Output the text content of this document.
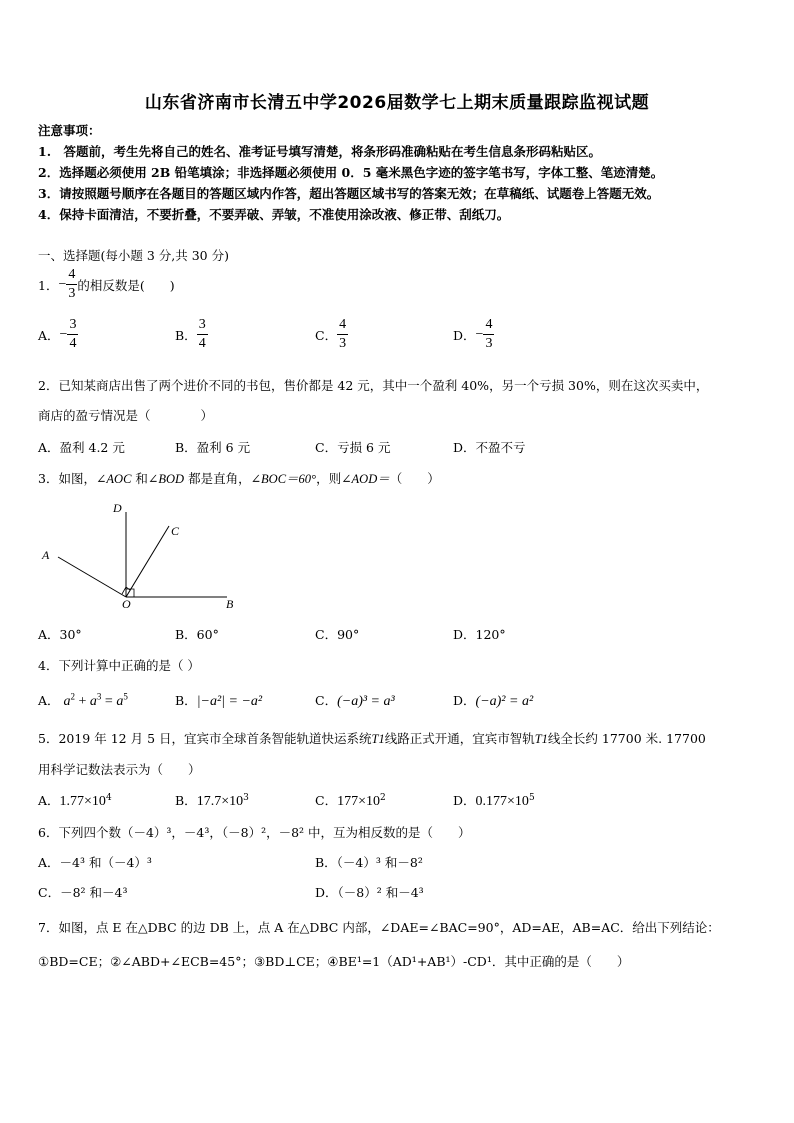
山东省济南市长清五中学2026届数学七上期末质量跟踪监视试题
注意事项：
1.　答题前，考生先将自己的姓名、准考证号填写清楚，将条形码准确粘贴在考生信息条形码粘贴区。
2．选择题必须使用 2B 铅笔填涂；非选择题必须使用 0．5 毫米黑色字迹的签字笔书写，字体工整、笔迹清楚。
3．请按照题号顺序在各题目的答题区域内作答，超出答题区域书写的答案无效；在草稿纸、试题卷上答题无效。
4．保持卡面清洁，不要折叠，不要弄破、弄皱，不准使用涂改液、修正带、刮纸刀。
一、选择题(每小题 3 分,共 30 分)
1． − $\frac{4}{3}$ 的相反数是(　　)
A． − $\frac{3}{4}$	B． $\frac{3}{4}$	C． $\frac{4}{3}$	D． − $\frac{4}{3}$
2．已知某商店出售了两个进价不同的书包，售价都是 42 元，其中一个盈利 40%，另一个亏损 30%，则在这次买卖中，
商店的盈亏情况是（　　　　）
A．盈利 4.2 元	B．盈利 6 元	C．亏损 6 元	D．不盈不亏
3．如图，∠AOC 和∠BOD 都是直角，∠BOC＝60°，则∠AOD＝（　　）
D
C
A
O	B
A．30°	B．60°	C．90°	D．120°
4．下列计算中正确的是（ ）
A． $a^2 + a^3 = a^5$	B．|−a²| = −a²	C．(−a)³ = a³	D．(−a)² = a²
5．2019 年 12 月 5 日，宜宾市全球首条智能轨道快运系统T1线路正式开通，宜宾市智轨T1线全长约 17700 米. 17700
用科学记数法表示为（　　）
A．$1.77\times 10^4$	B．$17.7\times 10^3$	C．$177\times 10^2$	D．$0.177\times 10^5$
6．下列四个数（－4）³，－4³，（－8）²，－8² 中，互为相反数的是（　　）
A．－4³ 和（－4）³	B．（－4）³ 和－8²
C．－8² 和－4³	D．（－8）² 和－4³
7．如图，点 E 在△DBC 的边 DB 上，点 A 在△DBC 内部，∠DAE=∠BAC=90°，AD=AE，AB=AC．给出下列结论：
①BD=CE；②∠ABD+∠ECB=45°；③BD⊥CE；④BE¹=1（AD¹+AB¹）-CD¹．其中正确的是（　　）
